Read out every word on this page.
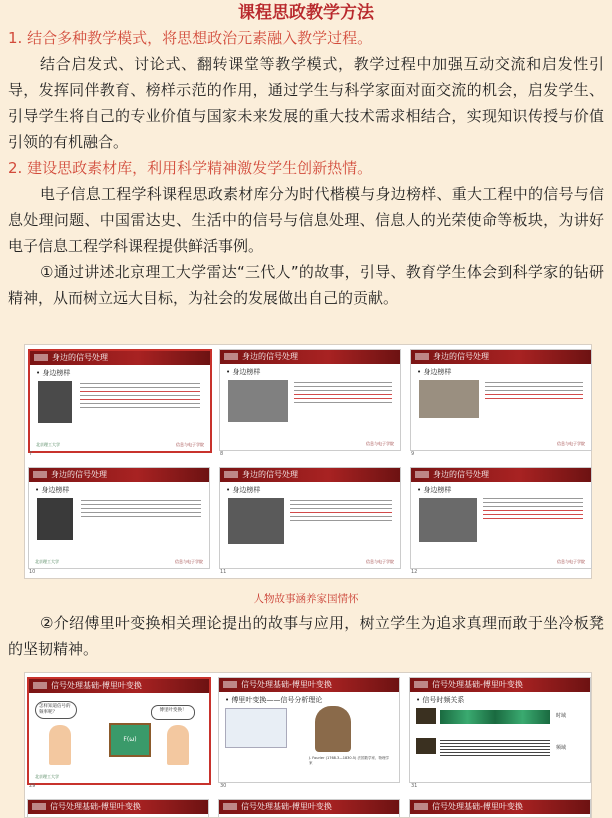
课程思政教学方法

1. 结合多种教学模式，将思想政治元素融入教学过程。

结合启发式、讨论式、翻转课堂等教学模式，教学过程中加强互动交流和启发性引导，发挥同伴教育、榜样示范的作用，通过学生与科学家面对面交流的机会，启发学生、引导学生将自己的专业价值与国家未来发展的重大技术需求相结合，实现知识传授与价值引领的有机融合。

2. 建设思政素材库，利用科学精神激发学生创新热情。

电子信息工程学科课程思政素材库分为时代楷模与身边榜样、重大工程中的信号与信息处理问题、中国雷达史、生活中的信号与信息处理、信息人的光荣使命等板块，为讲好电子信息工程学科课程提供鲜活事例。

①通过讲述北京理工大学雷达“三代人”的故事，引导、教育学生体会到科学家的钻研精神，从而树立远大目标，为社会的发展做出自己的贡献。

身边的信号处理
• 身边榜样
北京理工大学	信息与电子学院
7
身边的信号处理
• 身边榜样
信息与电子学院
8
身边的信号处理
• 身边榜样
信息与电子学院
9
身边的信号处理
• 身边榜样
北京理工大学	信息与电子学院
10
身边的信号处理
• 身边榜样
信息与电子学院
11
身边的信号处理
• 身边榜样
信息与电子学院
12

人物故事涵养家国情怀

②介绍傅里叶变换相关理论提出的故事与应用，树立学生为追求真理而敢于坐冷板凳的坚韧精神。

信号处理基础-傅里叶变换
怎样知道信号的频率呢？	傅里叶变换！
F(ω)
北京理工大学
29
信号处理基础-傅里叶变换
• 傅里叶变换——信号分析理论
J. Fourier (1768.3—1830.5) 法国数学家、物理学家
30
信号处理基础-傅里叶变换
• 信号时频关系
时域
频域
31
信号处理基础-傅里叶变换	信号处理基础-傅里叶变换	信号处理基础-傅里叶变换
